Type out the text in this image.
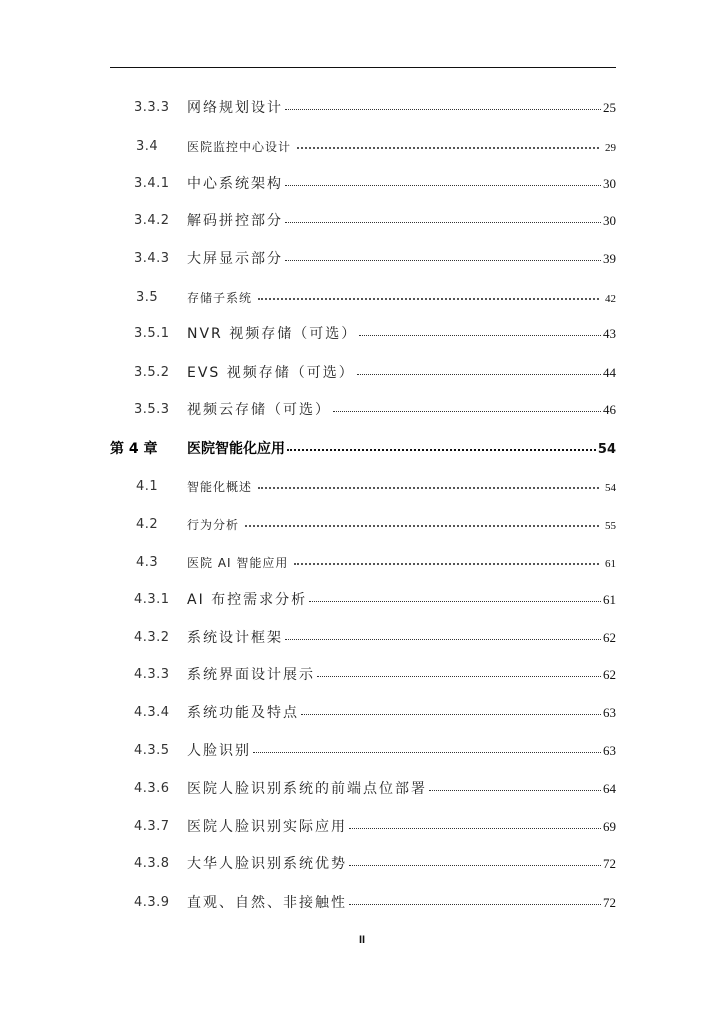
3.3.3 网络规划设计	25
3.4 医院监控中心设计	29
3.4.1 中心系统架构	30
3.4.2 解码拼控部分	30
3.4.3 大屏显示部分	39
3.5 存储子系统	42
3.5.1 NVR 视频存储（可选）	43
3.5.2 EVS 视频存储（可选）	44
3.5.3 视频云存储（可选）	46
第 4 章 医院智能化应用	54
4.1 智能化概述	54
4.2 行为分析	55
4.3 医院 AI 智能应用	61
4.3.1 AI 布控需求分析	61
4.3.2 系统设计框架	62
4.3.3 系统界面设计展示	62
4.3.4 系统功能及特点	63
4.3.5 人脸识别	63
4.3.6 医院人脸识别系统的前端点位部署	64
4.3.7 医院人脸识别实际应用	69
4.3.8 大华人脸识别系统优势	72
4.3.9 直观、自然、非接触性	72
II
